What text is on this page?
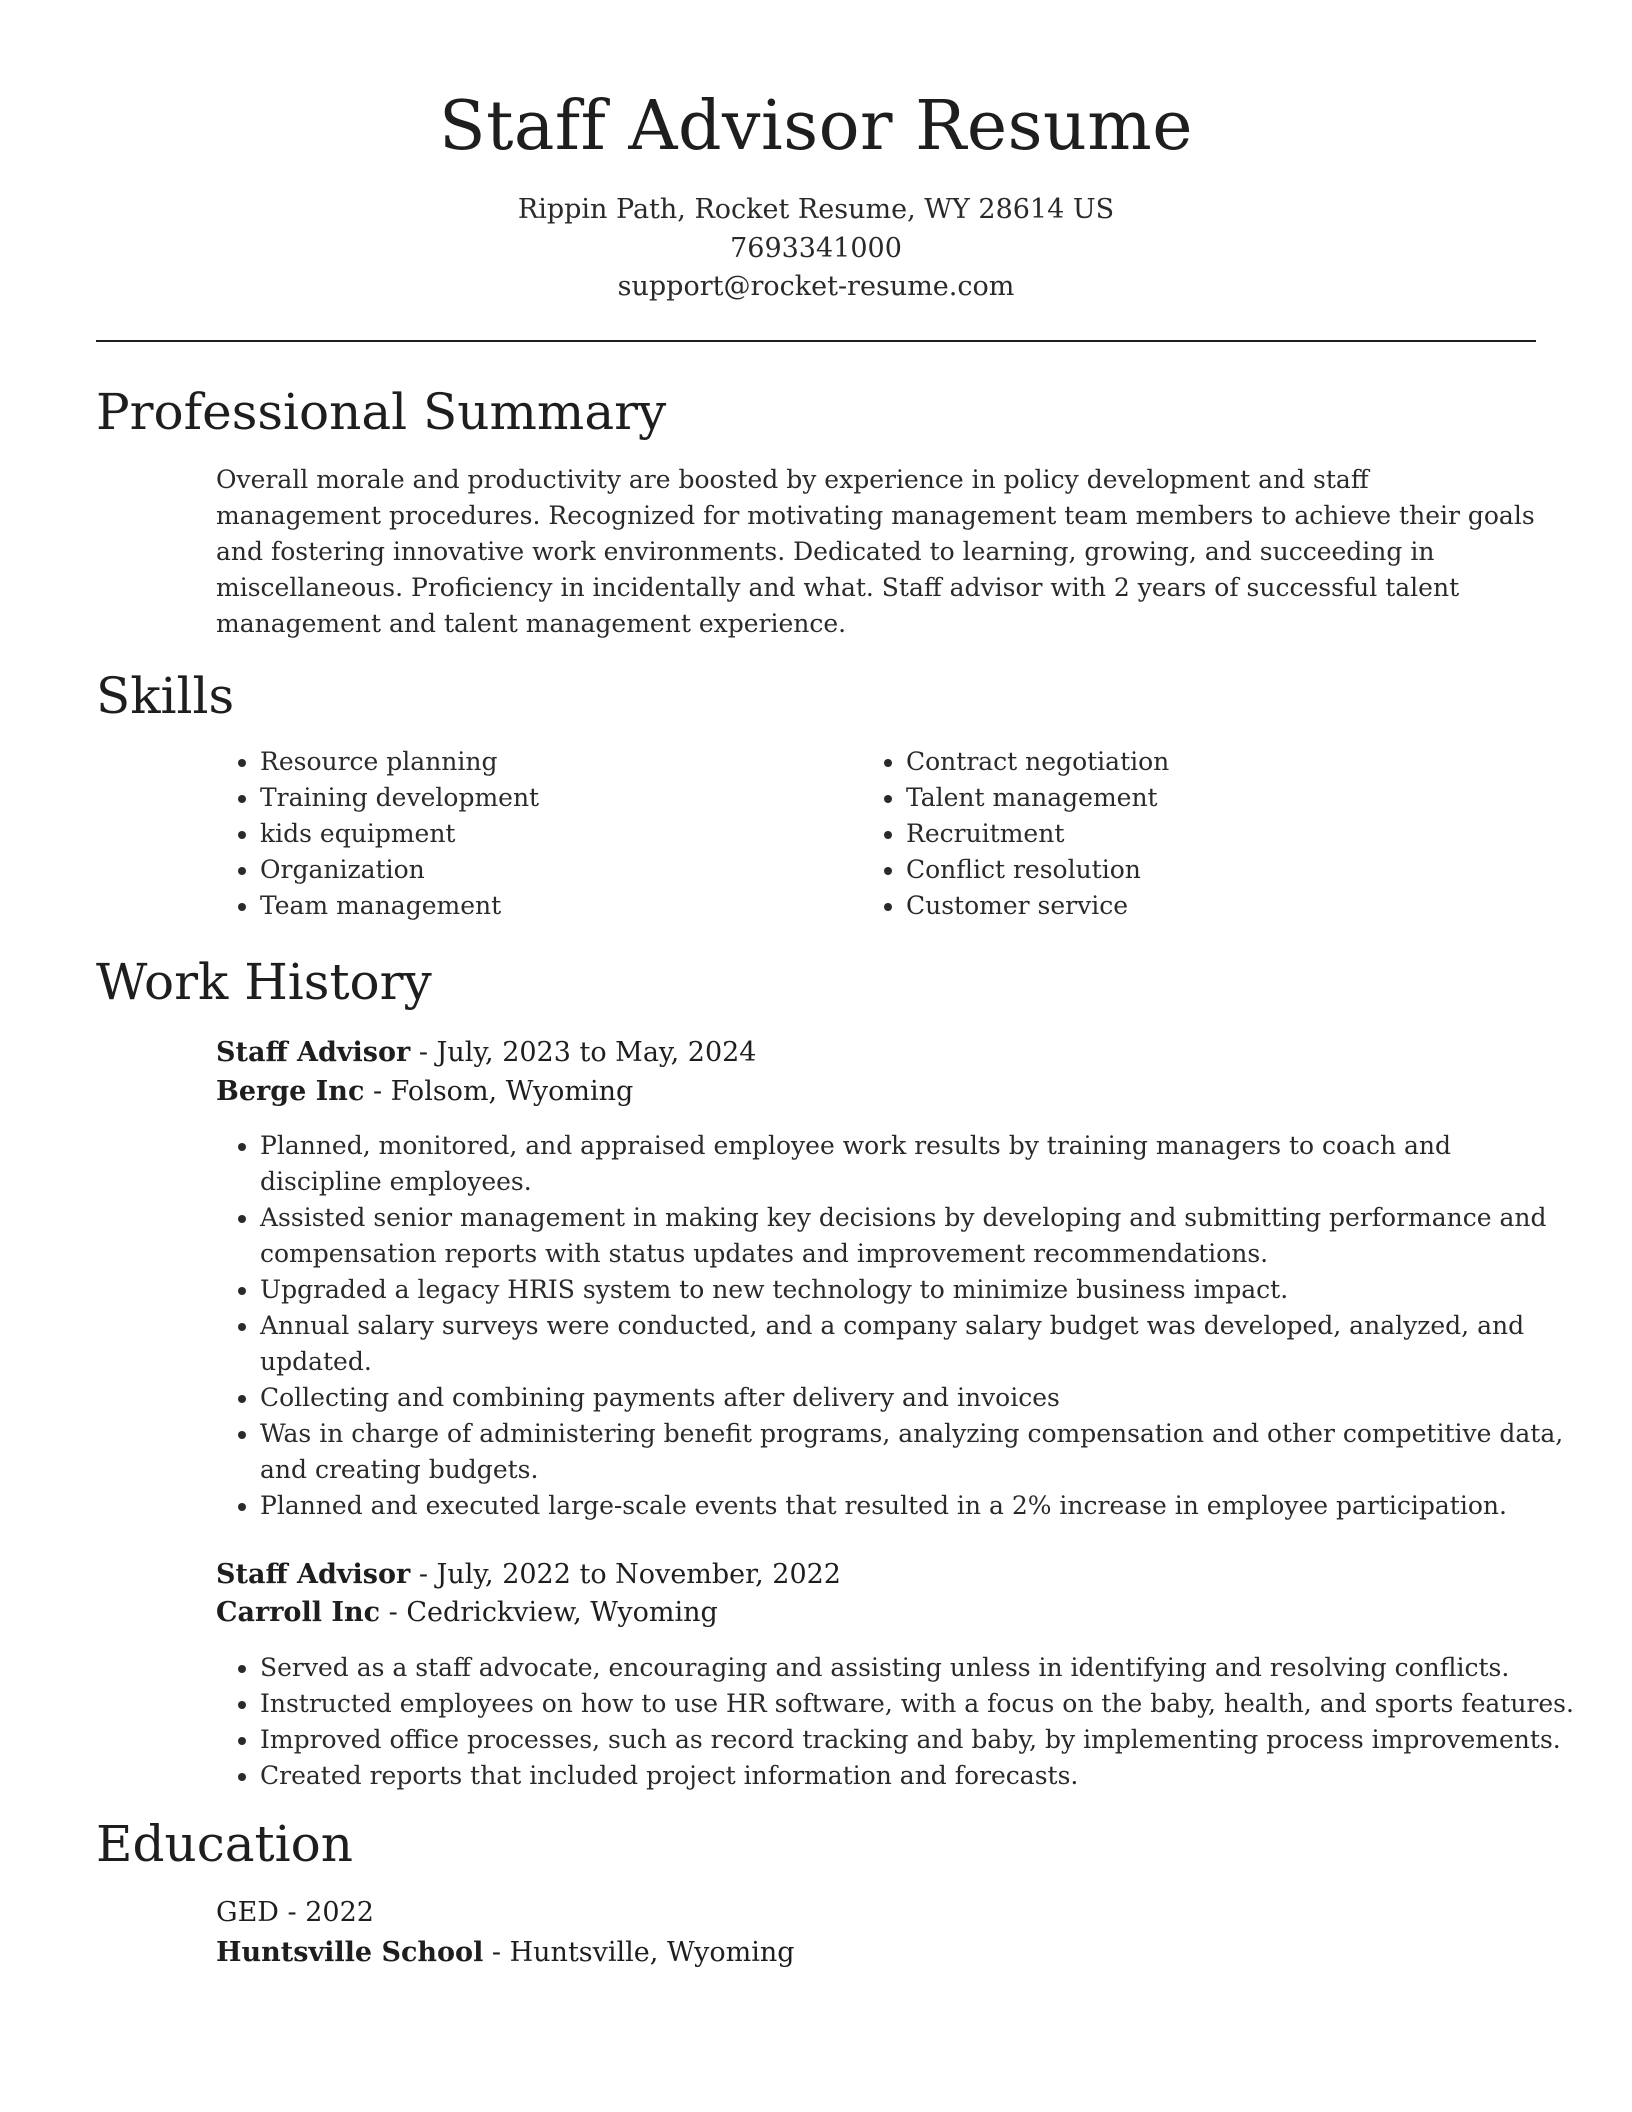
Staff Advisor Resume
Rippin Path, Rocket Resume, WY 28614 US
7693341000
support@rocket-resume.com
Professional Summary
Overall morale and productivity are boosted by experience in policy development and staff management procedures. Recognized for motivating management team members to achieve their goals and fostering innovative work environments. Dedicated to learning, growing, and succeeding in miscellaneous. Proficiency in incidentally and what. Staff advisor with 2 years of successful talent management and talent management experience.
Skills
• Resource planning
• Training development
• kids equipment
• Organization
• Team management
• Contract negotiation
• Talent management
• Recruitment
• Conflict resolution
• Customer service
Work History
Staff Advisor - July, 2023 to May, 2024
Berge Inc - Folsom, Wyoming
• Planned, monitored, and appraised employee work results by training managers to coach and discipline employees.
• Assisted senior management in making key decisions by developing and submitting performance and compensation reports with status updates and improvement recommendations.
• Upgraded a legacy HRIS system to new technology to minimize business impact.
• Annual salary surveys were conducted, and a company salary budget was developed, analyzed, and updated.
• Collecting and combining payments after delivery and invoices
• Was in charge of administering benefit programs, analyzing compensation and other competitive data, and creating budgets.
• Planned and executed large-scale events that resulted in a 2% increase in employee participation.
Staff Advisor - July, 2022 to November, 2022
Carroll Inc - Cedrickview, Wyoming
• Served as a staff advocate, encouraging and assisting unless in identifying and resolving conflicts.
• Instructed employees on how to use HR software, with a focus on the baby, health, and sports features.
• Improved office processes, such as record tracking and baby, by implementing process improvements.
• Created reports that included project information and forecasts.
Education
GED - 2022
Huntsville School - Huntsville, Wyoming
